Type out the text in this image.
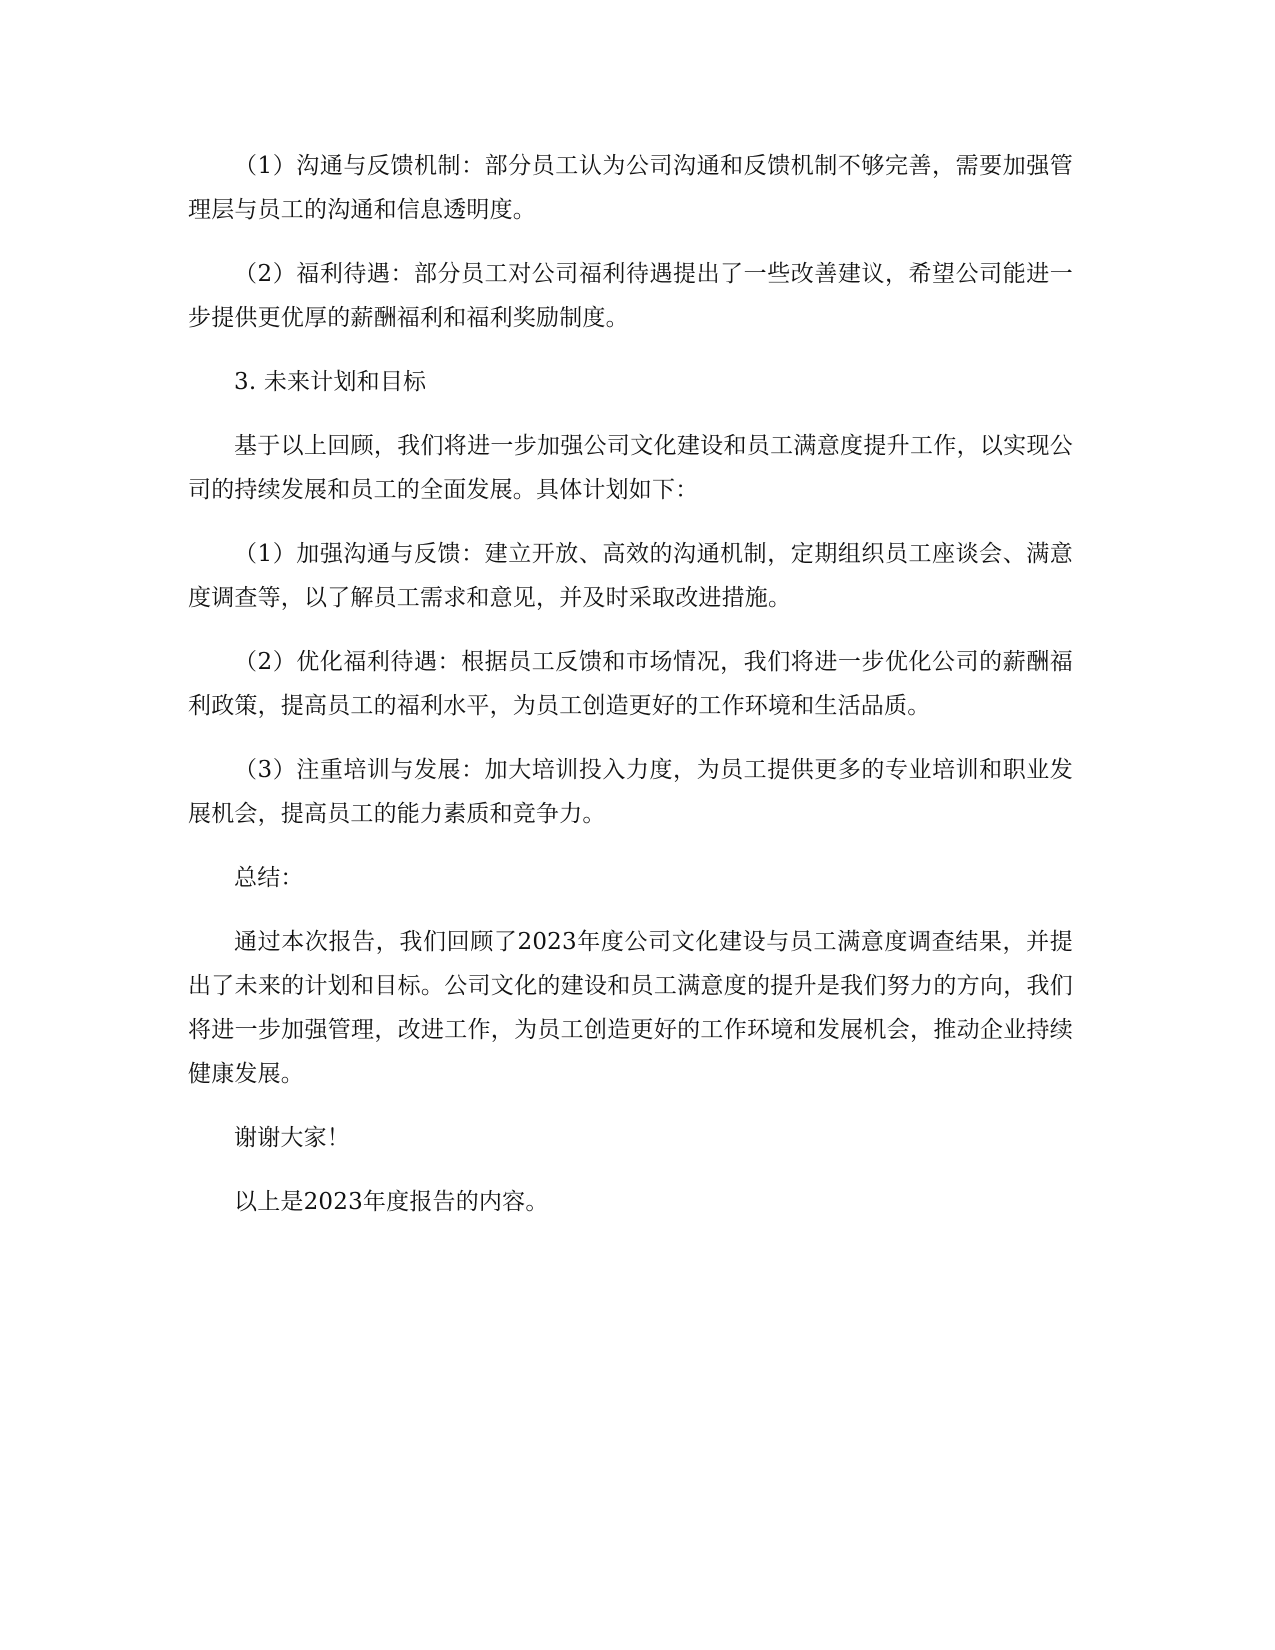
（1）沟通与反馈机制：部分员工认为公司沟通和反馈机制不够完善，需要加强管理层与员工的沟通和信息透明度。

（2）福利待遇：部分员工对公司福利待遇提出了一些改善建议，希望公司能进一步提供更优厚的薪酬福利和福利奖励制度。

3. 未来计划和目标

基于以上回顾，我们将进一步加强公司文化建设和员工满意度提升工作，以实现公司的持续发展和员工的全面发展。具体计划如下：

（1）加强沟通与反馈：建立开放、高效的沟通机制，定期组织员工座谈会、满意度调查等，以了解员工需求和意见，并及时采取改进措施。

（2）优化福利待遇：根据员工反馈和市场情况，我们将进一步优化公司的薪酬福利政策，提高员工的福利水平，为员工创造更好的工作环境和生活品质。

（3）注重培训与发展：加大培训投入力度，为员工提供更多的专业培训和职业发展机会，提高员工的能力素质和竞争力。

总结：

通过本次报告，我们回顾了2023年度公司文化建设与员工满意度调查结果，并提出了未来的计划和目标。公司文化的建设和员工满意度的提升是我们努力的方向，我们将进一步加强管理，改进工作，为员工创造更好的工作环境和发展机会，推动企业持续健康发展。

谢谢大家！

以上是2023年度报告的内容。
